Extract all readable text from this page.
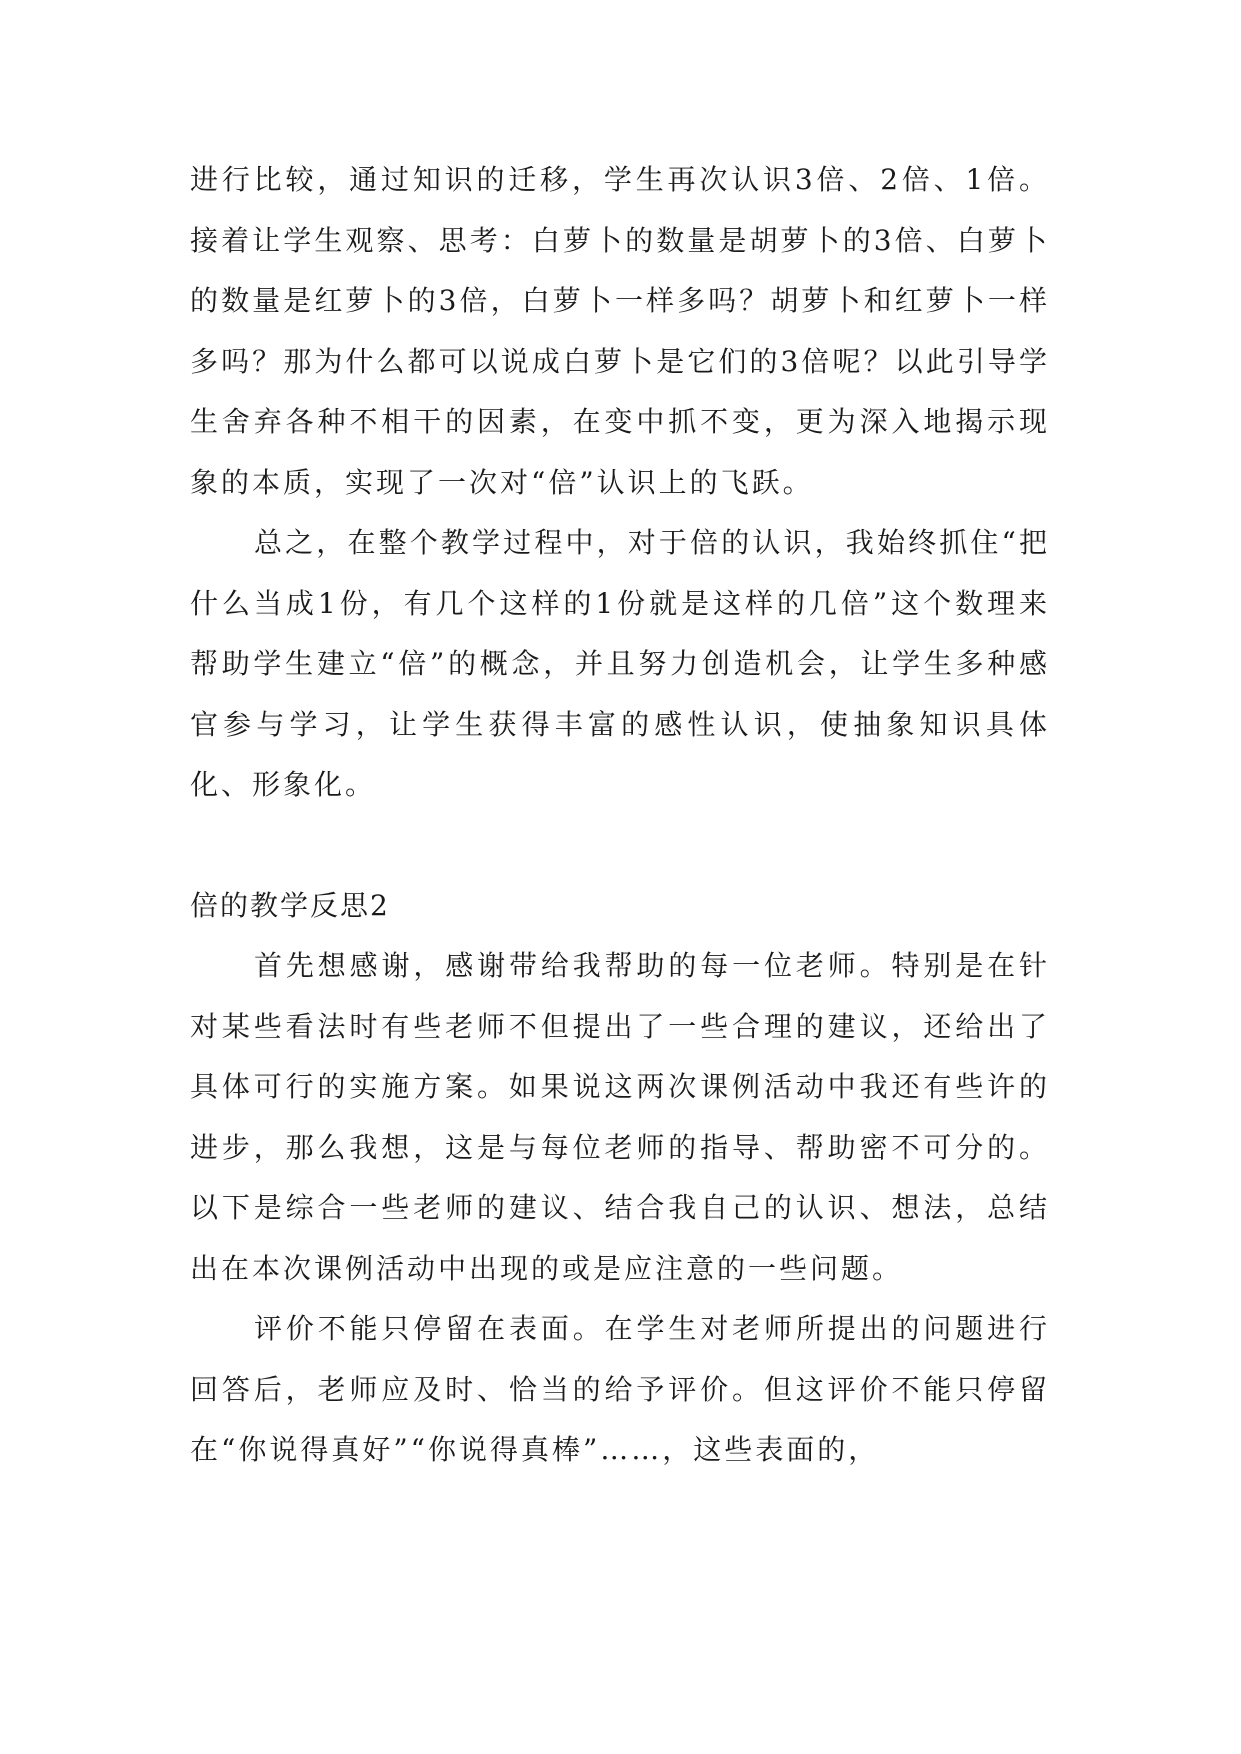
进行比较，通过知识的迁移，学生再次认识3倍、2倍、1倍。接着让学生观察、思考：白萝卜的数量是胡萝卜的3倍、白萝卜的数量是红萝卜的3倍，白萝卜一样多吗？胡萝卜和红萝卜一样多吗？那为什么都可以说成白萝卜是它们的3倍呢？以此引导学生舍弃各种不相干的因素，在变中抓不变，更为深入地揭示现象的本质，实现了一次对“倍”认识上的飞跃。

总之，在整个教学过程中，对于倍的认识，我始终抓住“把什么当成1份，有几个这样的1份就是这样的几倍”这个数理来帮助学生建立“倍”的概念，并且努力创造机会，让学生多种感官参与学习，让学生获得丰富的感性认识，使抽象知识具体化、形象化。

倍的教学反思2

首先想感谢，感谢带给我帮助的每一位老师。特别是在针对某些看法时有些老师不但提出了一些合理的建议，还给出了具体可行的实施方案。如果说这两次课例活动中我还有些许的进步，那么我想，这是与每位老师的指导、帮助密不可分的。以下是综合一些老师的建议、结合我自己的认识、想法，总结出在本次课例活动中出现的或是应注意的一些问题。

评价不能只停留在表面。在学生对老师所提出的问题进行回答后，老师应及时、恰当的给予评价。但这评价不能只停留在“你说得真好”“你说得真棒”……，这些表面的，
